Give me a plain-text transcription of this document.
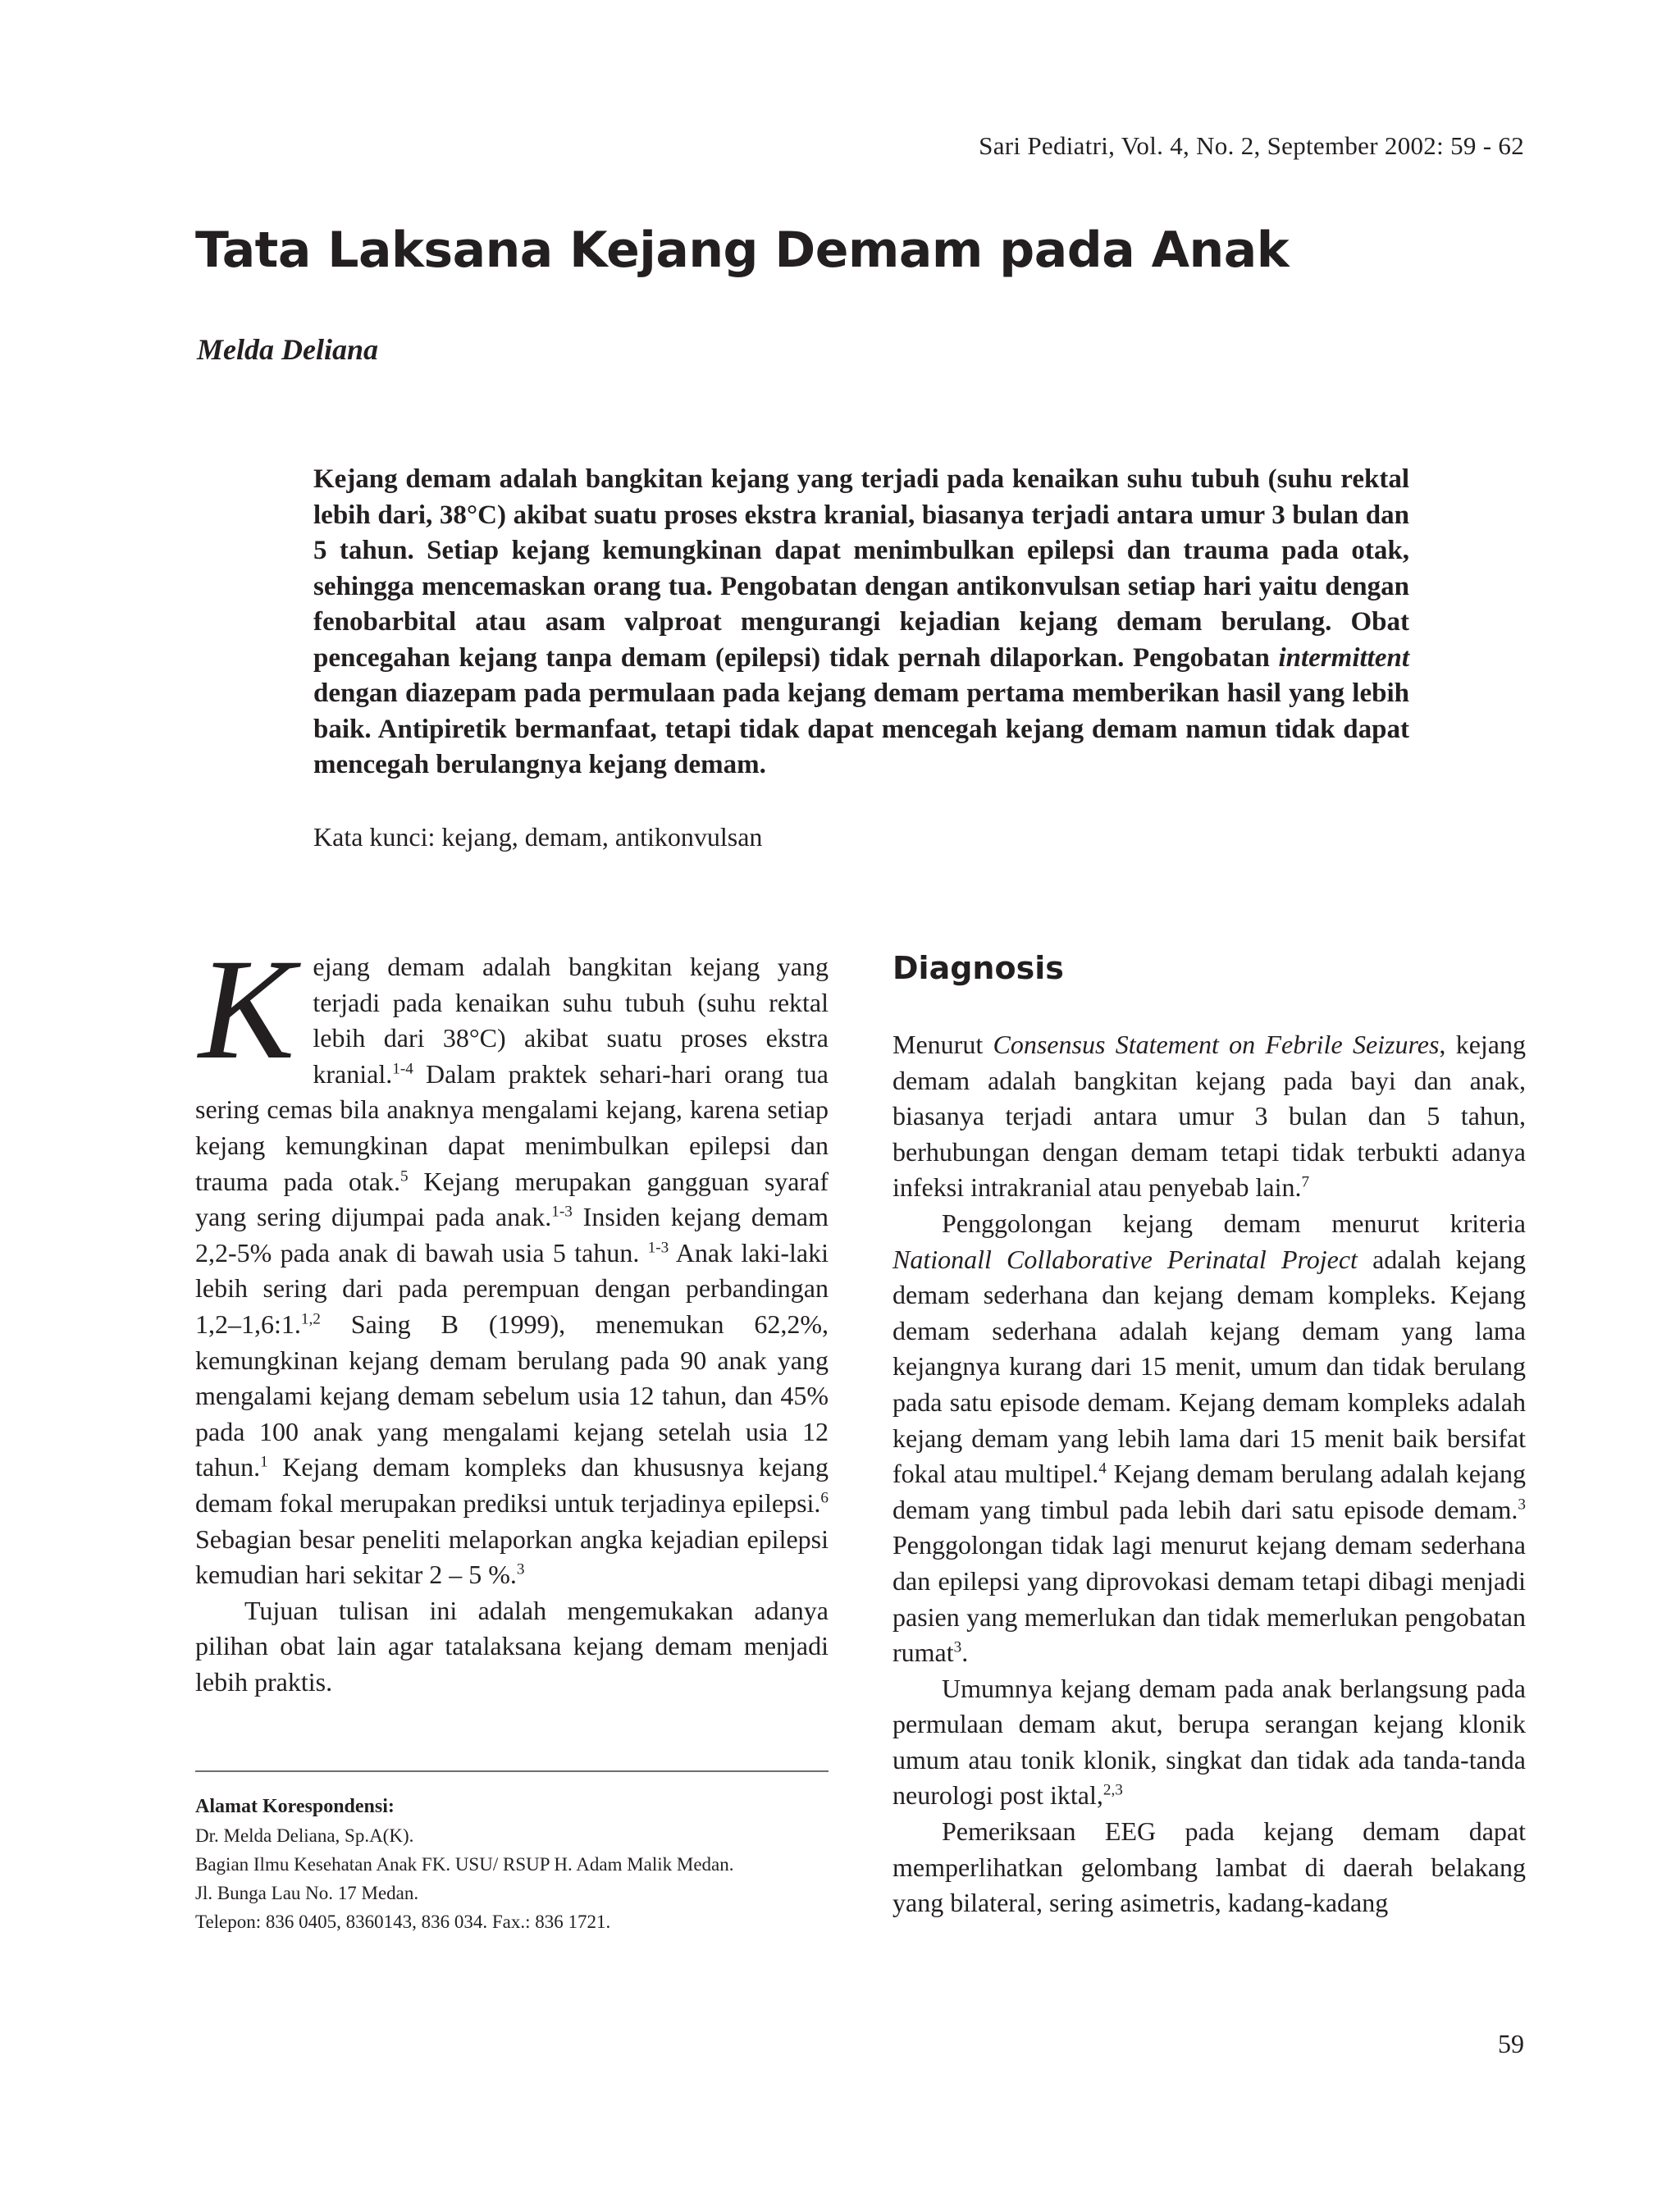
Sari Pediatri, Vol. 4, No. 2, September 2002: 59 - 62
Tata Laksana Kejang Demam pada Anak
Melda Deliana
Kejang demam adalah bangkitan kejang yang terjadi pada kenaikan suhu tubuh (suhu rektal lebih dari, 38°C) akibat suatu proses ekstra kranial, biasanya terjadi antara umur 3 bulan dan 5 tahun. Setiap kejang kemungkinan dapat menimbulkan epilepsi dan trauma pada otak, sehingga mencemaskan orang tua. Pengobatan dengan antikonvulsan setiap hari yaitu dengan fenobarbital atau asam valproat mengurangi kejadian kejang demam berulang. Obat pencegahan kejang tanpa demam (epilepsi) tidak pernah dilaporkan. Pengobatan intermittent dengan diazepam pada permulaan pada kejang demam pertama memberikan hasil yang lebih baik. Antipiretik bermanfaat, tetapi tidak dapat mencegah kejang demam namun tidak dapat mencegah berulangnya kejang demam.
Kata kunci: kejang, demam, antikonvulsan

Kejang demam adalah bangkitan kejang yang terjadi pada kenaikan suhu tubuh (suhu rektal lebih dari 38°C) akibat suatu proses ekstra kranial.$^{1-4}$ Dalam praktek sehari-hari orang tua sering cemas bila anaknya mengalami kejang, karena setiap kejang kemungkinan dapat menimbulkan epilepsi dan trauma pada otak.$^5$ Kejang merupakan gangguan syaraf yang sering dijumpai pada anak.$^{1-3}$ Insiden kejang demam 2,2-5% pada anak di bawah usia 5 tahun. $^{1-3}$ Anak laki-laki lebih sering dari pada perempuan dengan perbandingan 1,2–1,6:1.$^{1,2}$ Saing B (1999), menemukan 62,2%, kemungkinan kejang demam berulang pada 90 anak yang mengalami kejang demam sebelum usia 12 tahun, dan 45% pada 100 anak yang mengalami kejang setelah usia 12 tahun.$^1$ Kejang demam kompleks dan khususnya kejang demam fokal merupakan prediksi untuk terjadinya epilepsi.$^6$ Sebagian besar peneliti melaporkan angka kejadian epilepsi kemudian hari sekitar 2 – 5 %.$^3$

Tujuan tulisan ini adalah mengemukakan adanya pilihan obat lain agar tatalaksana kejang demam menjadi lebih praktis.

Alamat Korespondensi:
Dr. Melda Deliana, Sp.A(K).
Bagian Ilmu Kesehatan Anak FK. USU/ RSUP H. Adam Malik Medan.
Jl. Bunga Lau No. 17 Medan.
Telepon: 836 0405, 8360143, 836 034. Fax.: 836 1721.
Diagnosis

Menurut Consensus Statement on Febrile Seizures, kejang demam adalah bangkitan kejang pada bayi dan anak, biasanya terjadi antara umur 3 bulan dan 5 tahun, berhubungan dengan demam tetapi tidak terbukti adanya infeksi intrakranial atau penyebab lain.$^7$

Penggolongan kejang demam menurut kriteria Nationall Collaborative Perinatal Project adalah kejang demam sederhana dan kejang demam kompleks. Kejang demam sederhana adalah kejang demam yang lama kejangnya kurang dari 15 menit, umum dan tidak berulang pada satu episode demam. Kejang demam kompleks adalah kejang demam yang lebih lama dari 15 menit baik bersifat fokal atau multipel.$^4$ Kejang demam berulang adalah kejang demam yang timbul pada lebih dari satu episode demam.$^3$ Penggolongan tidak lagi menurut kejang demam sederhana dan epilepsi yang diprovokasi demam tetapi dibagi menjadi pasien yang memerlukan dan tidak memerlukan pengobatan rumat$^3$.

Umumnya kejang demam pada anak berlangsung pada permulaan demam akut, berupa serangan kejang klonik umum atau tonik klonik, singkat dan tidak ada tanda-tanda neurologi post iktal,$^{2,3}$

Pemeriksaan EEG pada kejang demam dapat memperlihatkan gelombang lambat di daerah belakang yang bilateral, sering asimetris, kadang-kadang

59
